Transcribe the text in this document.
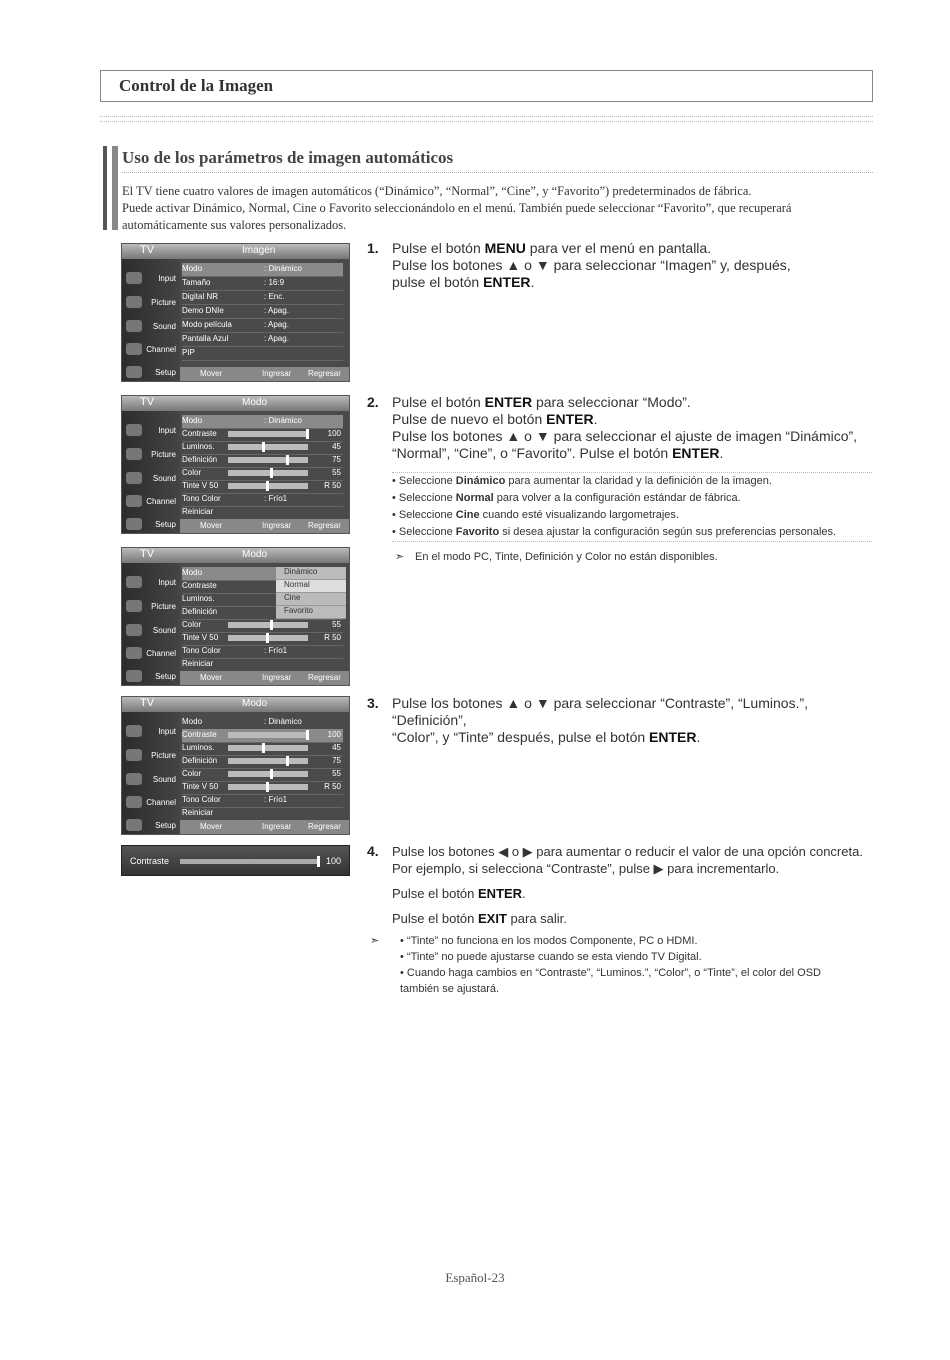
Control de la Imagen
Uso de los parámetros de imagen automáticos
El TV tiene cuatro valores de imagen automáticos (“Dinámico”, “Normal”, “Cine”, y “Favorito”) predeterminados de fábrica.
Puede activar Dinámico, Normal, Cine o Favorito seleccionándolo en el menú. También puede seleccionar “Favorito”, que recuperará
automáticamente sus valores personalizados.
TV	Imagen
Input
Picture
Sound
Channel
Setup
Modo	: Dinámico
Tamaño	: 16:9
Digital NR	: Enc.
Demo DNIe	: Apag.
Modo película	: Apag.
Pantalla Azul	: Apag.
PIP
Mover	Ingresar Regresar
TV	Modo
Input
Picture
Sound
Channel
Setup
Modo	: Dinámico
Contraste	100
Luminos.	45
Definición	75
Color	55
Tinte V 50	R 50
Tono Color	: Frío1
Reiniciar
Mover	Ingresar Regresar
TV	Modo
Input
Picture
Sound
Channel
Setup
Modo
Contraste
Luminos.
Definición
Color	55
Tinte V 50	R 50
Tono Color	: Frío1
Reiniciar
Dinámico
Normal
Cine
Favorito
Mover	Ingresar Regresar
TV	Modo
Input
Picture
Sound
Channel
Setup
Modo	: Dinámico
Contraste	100
Luminos.	45
Definición	75
Color	55
Tinte V 50	R 50
Tono Color	: Frío1
Reiniciar
Mover	Ingresar Regresar
Contraste	100
1. Pulse el botón MENU para ver el menú en pantalla.
Pulse los botones ▲ o ▼ para seleccionar “Imagen” y, después,
pulse el botón ENTER.
2. Pulse el botón ENTER para seleccionar “Modo”.
Pulse de nuevo el botón ENTER.
Pulse los botones ▲ o ▼ para seleccionar el ajuste de imagen “Dinámico”,
“Normal”, “Cine”, o “Favorito”. Pulse el botón ENTER.
• Seleccione Dinámico para aumentar la claridad y la definición de la imagen.
• Seleccione Normal para volver a la configuración estándar de fábrica.
• Seleccione Cine cuando esté visualizando largometrajes.
• Seleccione Favorito si desea ajustar la configuración según sus preferencias personales.
➣ En el modo PC, Tinte, Definición y Color no están disponibles.
3. Pulse los botones ▲ o ▼ para seleccionar “Contraste”, “Luminos.”, “Definición”,
“Color”, y “Tinte” después, pulse el botón ENTER.
4. Pulse los botones ◀ o ▶ para aumentar o reducir el valor de una opción concreta.
Por ejemplo, si selecciona “Contraste”, pulse ▶ para incrementarlo.
Pulse el botón ENTER.
Pulse el botón EXIT para salir.
➣ • “Tinte” no funciona en los modos Componente, PC o HDMI.
• “Tinte” no puede ajustarse cuando se esta viendo TV Digital.
• Cuando haga cambios en “Contraste”, “Luminos.”, “Color”, o “Tinte”, el color del OSD
también se ajustará.
Español-23
